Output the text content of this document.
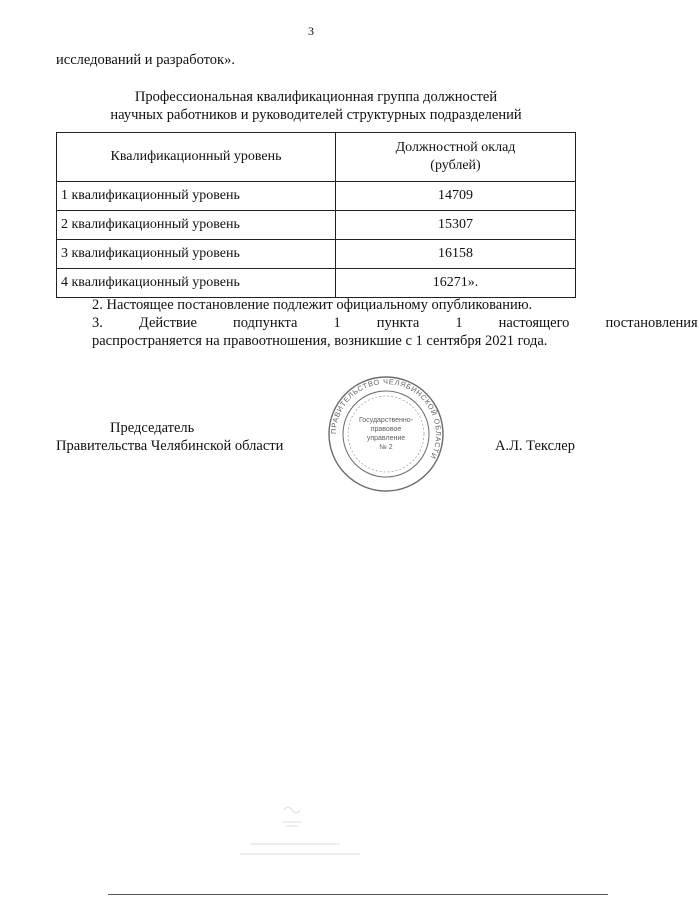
3
исследований и разработок».
Профессиональная квалификационная группа должностей
научных работников и руководителей структурных подразделений
Квалификационный уровень	Должностной оклад
(рублей)

1 квалификационный уровень	14709
2 квалификационный уровень	15307
3 квалификационный уровень	16158
4 квалификационный уровень	16271».
2. Настоящее постановление подлежит официальному опубликованию.
3.	Действие	подпункта	1	пункта	1	настоящего	постановления
распространяется на правоотношения, возникшие с 1 сентября 2021 года.
Председатель
Правительства Челябинской области	А.Л. Текслер
ПРАВИТЕЛЬСТВО ЧЕЛЯБИНСКОЙ ОБЛАСТИ
Государственно-
правовое
управление
№ 2
